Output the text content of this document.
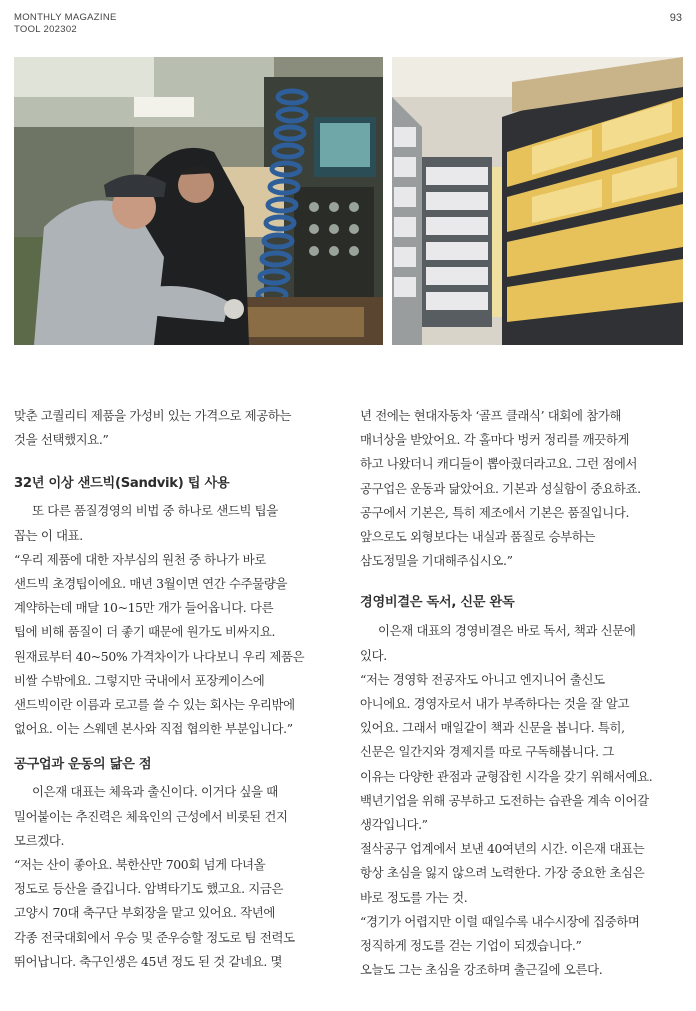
MONTHLY MAGAZINE
TOOL 202302
93

맞춘 고퀄리티 제품을 가성비 있는 가격으로 제공하는
것을 선택했지요.”

32년 이상 샌드빅(Sandvik) 팁 사용

또 다른 품질경영의 비법 중 하나로 샌드빅 팁을
꼽는 이 대표.

“우리 제품에 대한 자부심의 원천 중 하나가 바로
샌드빅 초경팁이에요. 매년 3월이면 연간 수주물량을
계약하는데 매달 10~15만 개가 들어옵니다. 다른
팁에 비해 품질이 더 좋기 때문에 원가도 비싸지요.
원재료부터 40~50% 가격차이가 나다보니 우리 제품은
비쌀 수밖에요. 그렇지만 국내에서 포장케이스에
샌드빅이란 이름과 로고를 쓸 수 있는 회사는 우리밖에
없어요. 이는 스웨덴 본사와 직접 협의한 부분입니다.”

공구업과 운동의 닮은 점

이은재 대표는 체육과 출신이다. 이거다 싶을 때
밀어붙이는 추진력은 체육인의 근성에서 비롯된 건지
모르겠다.

“저는 산이 좋아요. 북한산만 700회 넘게 다녀올
정도로 등산을 즐깁니다. 암벽타기도 했고요. 지금은
고양시 70대 축구단 부회장을 맡고 있어요. 작년에
각종 전국대회에서 우승 및 준우승할 정도로 팀 전력도
뛰어납니다. 축구인생은 45년 정도 된 것 같네요. 몇

년 전에는 현대자동차 ‘골프 클래식’ 대회에 참가해
매너상을 받았어요. 각 홀마다 벙커 정리를 깨끗하게
하고 나왔더니 캐디들이 뽑아줬더라고요. 그런 점에서
공구업은 운동과 닮았어요. 기본과 성실함이 중요하죠.
공구에서 기본은, 특히 제조에서 기본은 품질입니다.
앞으로도 외형보다는 내실과 품질로 승부하는
삼도정밀을 기대해주십시오.”

경영비결은 독서, 신문 완독

이은재 대표의 경영비결은 바로 독서, 책과 신문에
있다.

“저는 경영학 전공자도 아니고 엔지니어 출신도
아니에요. 경영자로서 내가 부족하다는 것을 잘 알고
있어요. 그래서 매일같이 책과 신문을 봅니다. 특히,
신문은 일간지와 경제지를 따로 구독해봅니다. 그
이유는 다양한 관점과 균형잡힌 시각을 갖기 위해서예요.
백년기업을 위해 공부하고 도전하는 습관을 계속 이어갈
생각입니다.”

절삭공구 업계에서 보낸 40여년의 시간. 이은재 대표는
항상 초심을 잃지 않으려 노력한다. 가장 중요한 초심은
바로 정도를 가는 것.

“경기가 어렵지만 이럴 때일수록 내수시장에 집중하며
정직하게 정도를 걷는 기업이 되겠습니다.”
오늘도 그는 초심을 강조하며 출근길에 오른다.
